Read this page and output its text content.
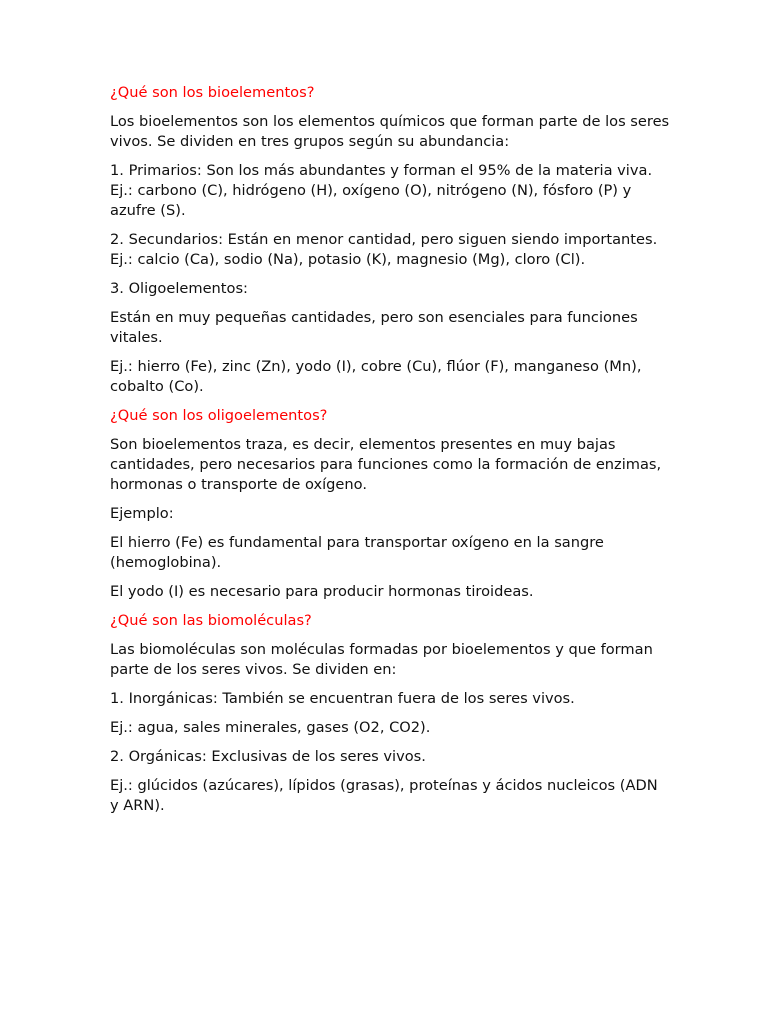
¿Qué son los bioelementos?

Los bioelementos son los elementos químicos que forman parte de los seres vivos. Se dividen en tres grupos según su abundancia:

1. Primarios: Son los más abundantes y forman el 95% de la materia viva. Ej.: carbono (C), hidrógeno (H), oxígeno (O), nitrógeno (N), fósforo (P) y azufre (S).

2. Secundarios: Están en menor cantidad, pero siguen siendo importantes. Ej.: calcio (Ca), sodio (Na), potasio (K), magnesio (Mg), cloro (Cl).

3. Oligoelementos:

Están en muy pequeñas cantidades, pero son esenciales para funciones vitales.

Ej.: hierro (Fe), zinc (Zn), yodo (I), cobre (Cu), flúor (F), manganeso (Mn), cobalto (Co).

¿Qué son los oligoelementos?

Son bioelementos traza, es decir, elementos presentes en muy bajas cantidades, pero necesarios para funciones como la formación de enzimas, hormonas o transporte de oxígeno.

Ejemplo:

El hierro (Fe) es fundamental para transportar oxígeno en la sangre (hemoglobina).

El yodo (I) es necesario para producir hormonas tiroideas.

¿Qué son las biomoléculas?

Las biomoléculas son moléculas formadas por bioelementos y que forman parte de los seres vivos. Se dividen en:

1. Inorgánicas: También se encuentran fuera de los seres vivos.

Ej.: agua, sales minerales, gases (O2, CO2).

2. Orgánicas: Exclusivas de los seres vivos.

Ej.: glúcidos (azúcares), lípidos (grasas), proteínas y ácidos nucleicos (ADN y ARN).
